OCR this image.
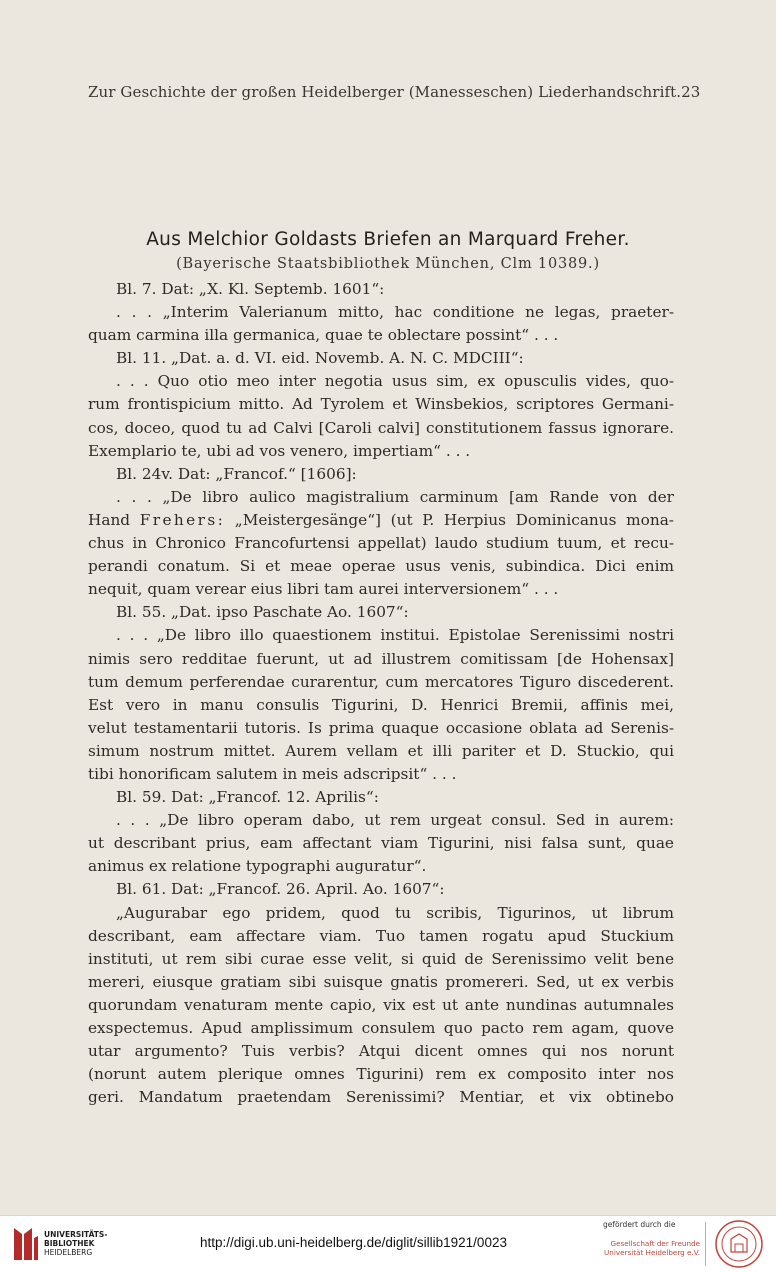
Zur Geschichte der großen Heidelberger (Manesseschen) Liederhandschrift. 23
Aus Melchior Goldasts Briefen an Marquard Freher.
(Bayerische Staatsbibliothek München, Clm 10389.)
Bl. 7. Dat: „X. Kl. Septemb. 1601“:
. . . „Interim Valerianum mitto, hac conditione ne legas, praeter-
quam carmina illa germanica, quae te oblectare possint“ . . .
Bl. 11. „Dat. a. d. VI. eid. Novemb. A. N. C. MDCIII“:
. . . Quo otio meo inter negotia usus sim, ex opusculis vides, quo-
rum frontispicium mitto. Ad Tyrolem et Winsbekios, scriptores Germani-
cos, doceo, quod tu ad Calvi [Caroli calvi] constitutionem fassus ignorare.
Exemplario te, ubi ad vos venero, impertiam“ . . .
Bl. 24v. Dat: „Francof.“ [1606]:
. . . „De libro aulico magistralium carminum [am Rande von der
Hand Frehers: „Meistergesänge“] (ut P. Herpius Dominicanus mona-
chus in Chronico Francofurtensi appellat) laudo studium tuum, et recu-
perandi conatum. Si et meae operae usus venis, subindica. Dici enim
nequit, quam verear eius libri tam aurei interversionem“ . . .
Bl. 55. „Dat. ipso Paschate Ao. 1607“:
. . . „De libro illo quaestionem institui. Epistolae Serenissimi nostri
nimis sero redditae fuerunt, ut ad illustrem comitissam [de Hohensax]
tum demum perferendae curarentur, cum mercatores Tiguro discederent.
Est vero in manu consulis Tigurini, D. Henrici Bremii, affinis mei,
velut testamentarii tutoris. Is prima quaque occasione oblata ad Serenis-
simum nostrum mittet. Aurem vellam et illi pariter et D. Stuckio, qui
tibi honorificam salutem in meis adscripsit“ . . .
Bl. 59. Dat: „Francof. 12. Aprilis“:
. . . „De libro operam dabo, ut rem urgeat consul. Sed in aurem:
ut describant prius, eam affectant viam Tigurini, nisi falsa sunt, quae
animus ex relatione typographi auguratur“.
Bl. 61. Dat: „Francof. 26. April. Ao. 1607“:
„Augurabar ego pridem, quod tu scribis, Tigurinos, ut librum
describant, eam affectare viam. Tuo tamen rogatu apud Stuckium
instituti, ut rem sibi curae esse velit, si quid de Serenissimo velit bene
mereri, eiusque gratiam sibi suisque gnatis promereri. Sed, ut ex verbis
quorundam venaturam mente capio, vix est ut ante nundinas autumnales
exspectemus. Apud amplissimum consulem quo pacto rem agam, quove
utar argumento? Tuis verbis? Atqui dicent omnes qui nos norunt
(norunt autem plerique omnes Tigurini) rem ex composito inter nos
geri. Mandatum praetendam Serenissimi? Mentiar, et vix obtinebo
UNIVERSITÄTS-
BIBLIOTHEK
HEIDELBERG
http://digi.ub.uni-heidelberg.de/diglit/sillib1921/0023
gefördert durch die
Gesellschaft der Freunde
Universität Heidelberg e.V.
